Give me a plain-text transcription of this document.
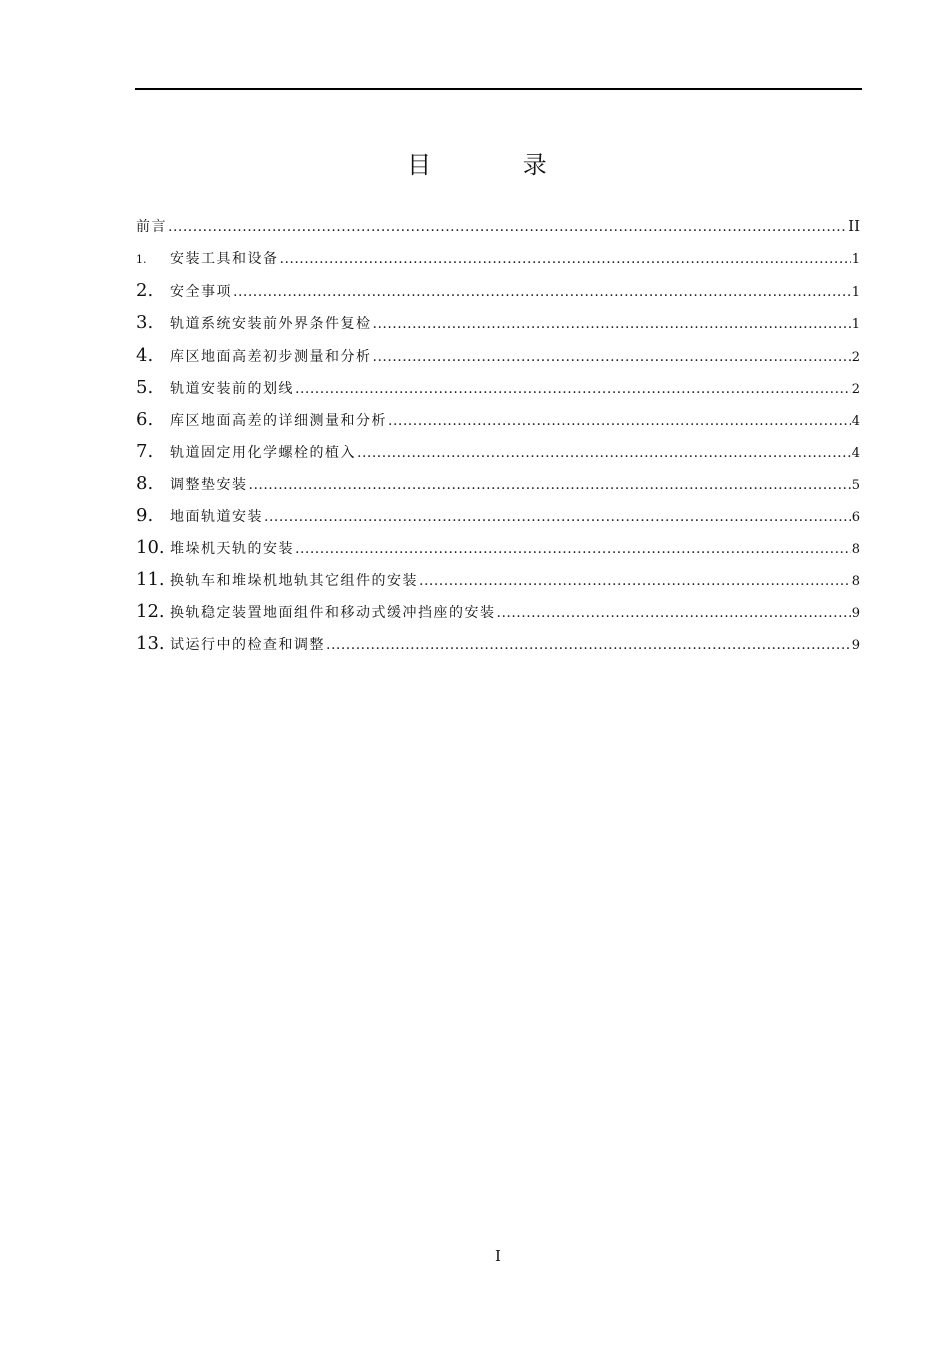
目 录
前言 .....	II
1.	安装工具和设备 .....	1
2.	安全事项 .....	1
3.	轨道系统安装前外界条件复检 .....	1
4.	库区地面高差初步测量和分析 .....	2
5.	轨道安装前的划线 .....	2
6.	库区地面高差的详细测量和分析 .....	4
7.	轨道固定用化学螺栓的植入 .....	4
8.	调整垫安装 .....	5
9.	地面轨道安装 .....	6
10. 堆垛机天轨的安装 .....	8
11. 换轨车和堆垛机地轨其它组件的安装 .....	8
12. 换轨稳定装置地面组件和移动式缓冲挡座的安装 .....	9
13. 试运行中的检查和调整 .....	9
I
